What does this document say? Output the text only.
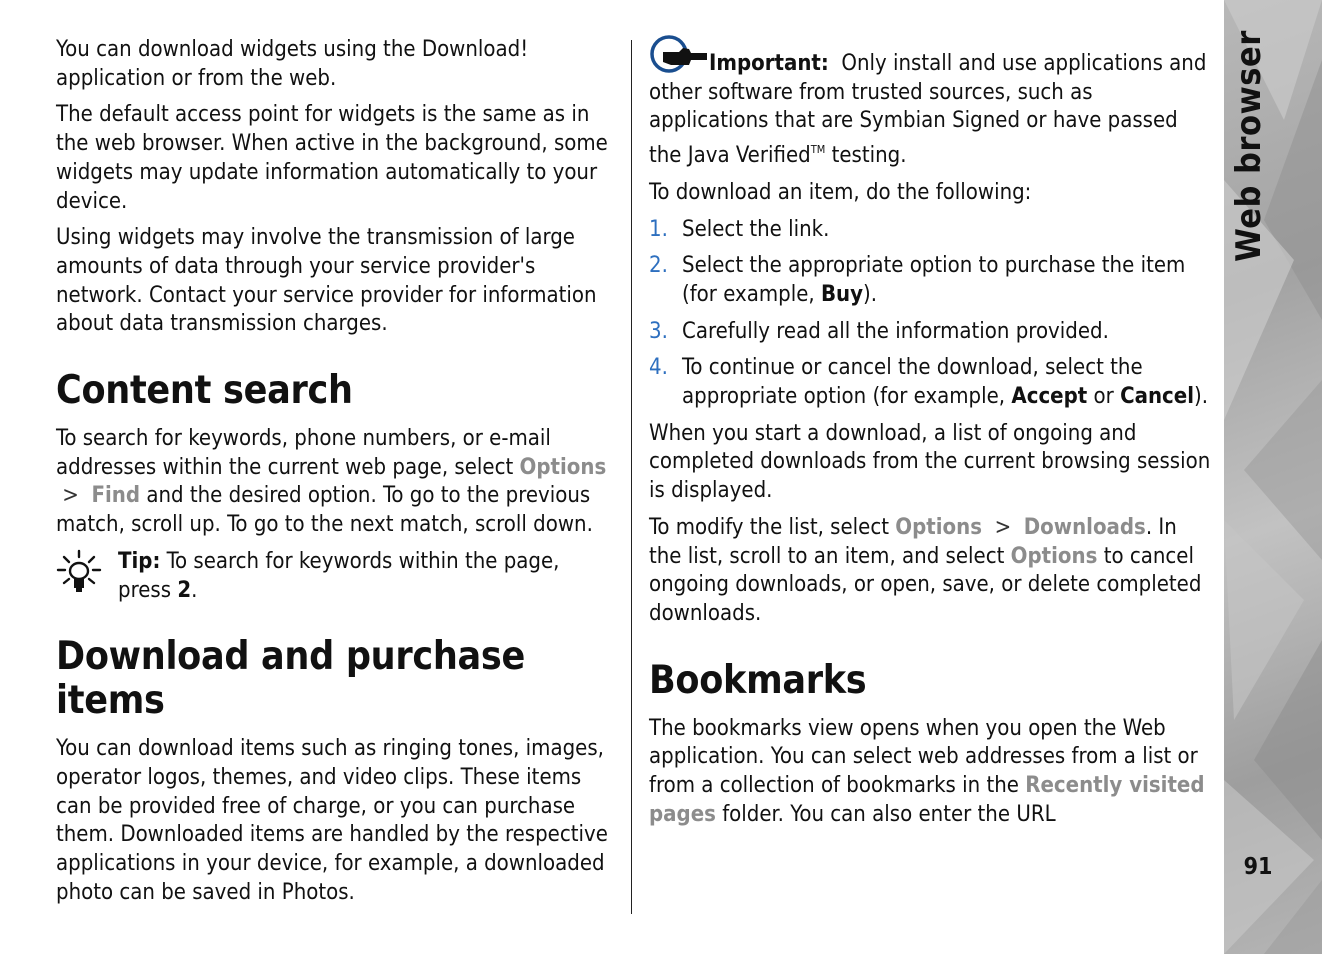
You can download widgets using the Download! application or from the web.

The default access point for widgets is the same as in the web browser. When active in the background, some widgets may update information automatically to your device.

Using widgets may involve the transmission of large amounts of data through your service provider's network. Contact your service provider for information about data transmission charges.

Content search

To search for keywords, phone numbers, or e-mail addresses within the current web page, select Options  > Find and the desired option. To go to the previous match, scroll up. To go to the next match, scroll down.

Tip: To search for keywords within the page, press 2.
Download and purchase items

You can download items such as ringing tones, images, operator logos, themes, and video clips. These items can be provided free of charge, or you can purchase them. Downloaded items are handled by the respective applications in your device, for example, a downloaded photo can be saved in Photos.

Important: Only install and use applications and other software from trusted sources, such as applications that are Symbian Signed or have passed the Java Verified™ testing.

To download an item, do the following:

1. Select the link.
2. Select the appropriate option to purchase the item (for example, Buy).
3. Carefully read all the information provided.
4. To continue or cancel the download, select the appropriate option (for example, Accept or Cancel).

When you start a download, a list of ongoing and completed downloads from the current browsing session is displayed.

To modify the list, select Options > Downloads. In the list, scroll to an item, and select Options to cancel ongoing downloads, or open, save, or delete completed downloads.

Bookmarks

The bookmarks view opens when you open the Web application. You can select web addresses from a list or from a collection of bookmarks in the Recently visited pages folder. You can also enter the URL

Web browser
91
